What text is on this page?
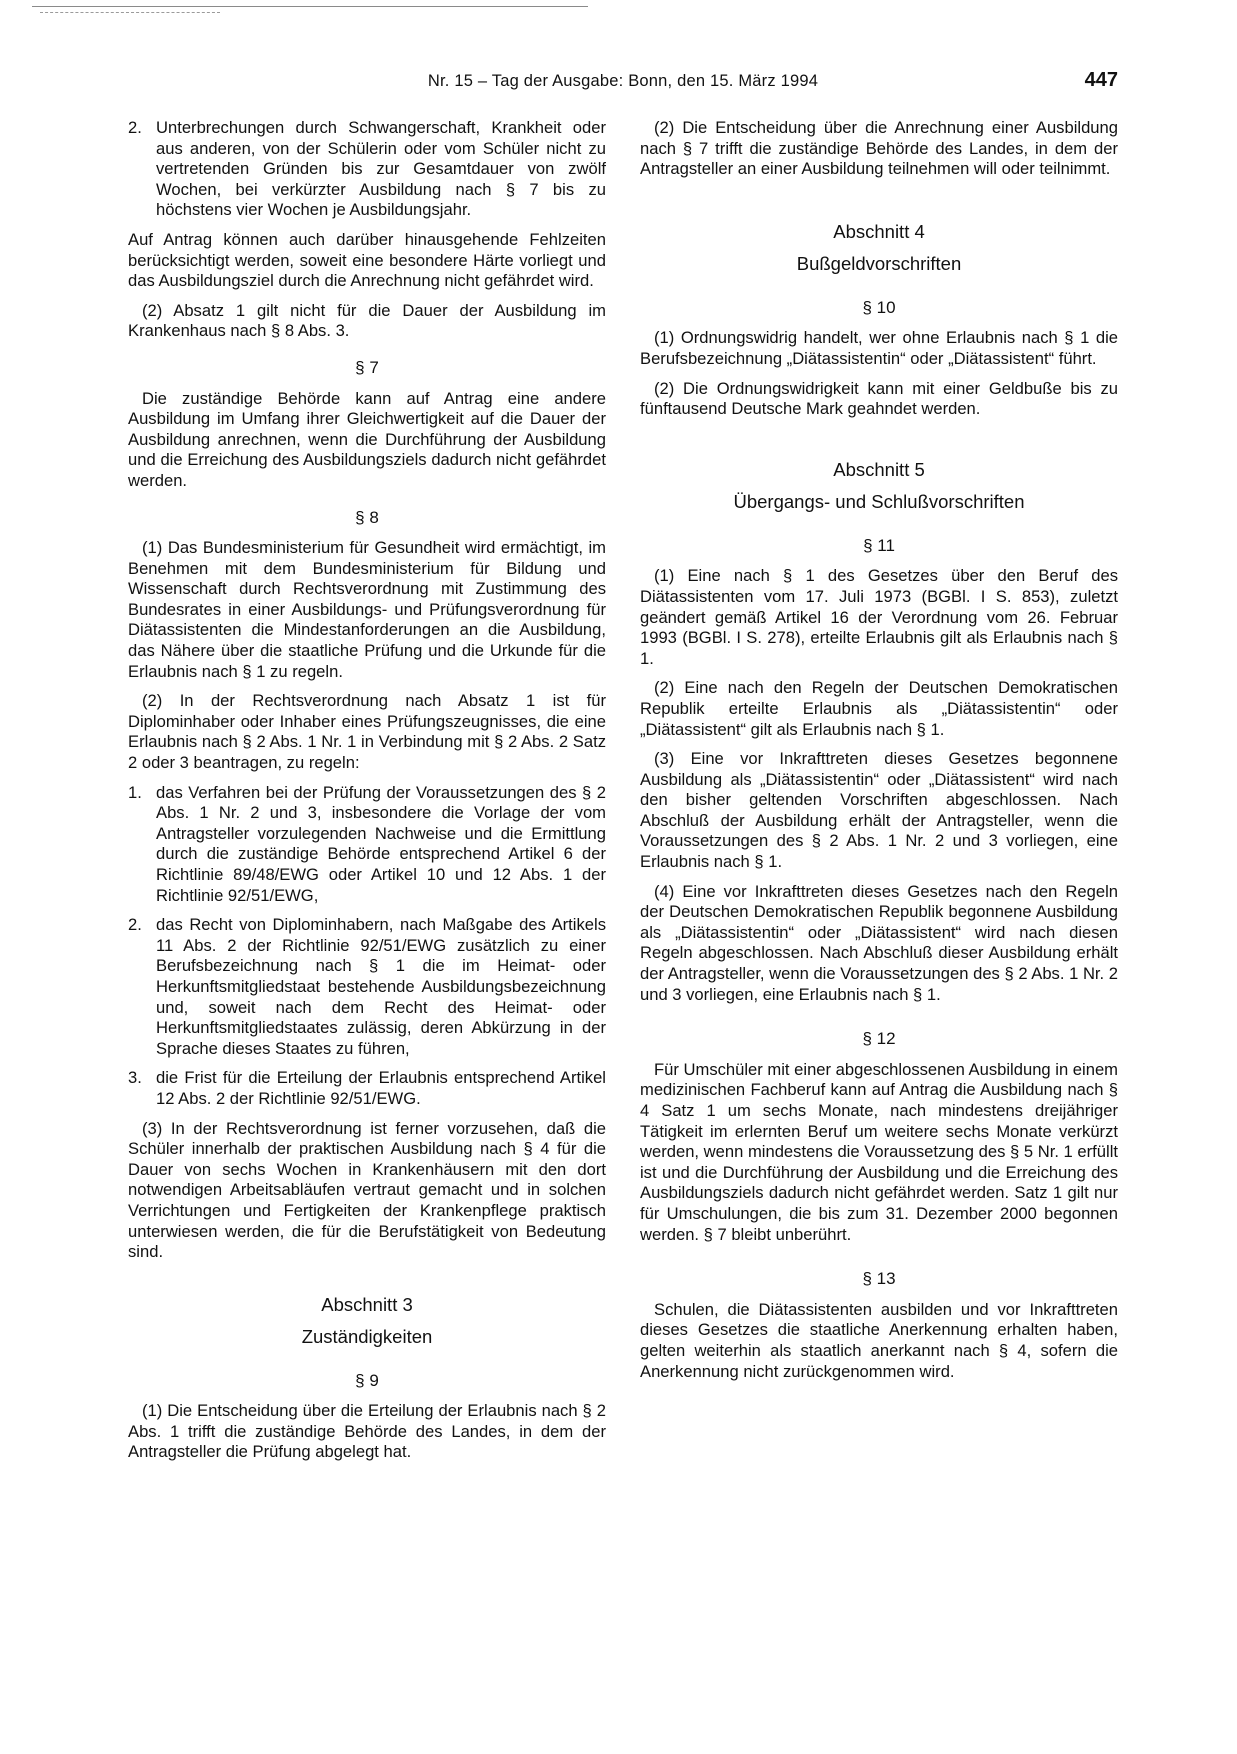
Nr. 15 – Tag der Ausgabe: Bonn, den 15. März 1994	447
2. Unterbrechungen durch Schwangerschaft, Krankheit oder aus anderen, von der Schülerin oder vom Schüler nicht zu vertretenden Gründen bis zur Gesamtdauer von zwölf Wochen, bei verkürzter Ausbildung nach § 7 bis zu höchstens vier Wochen je Ausbildungsjahr.

Auf Antrag können auch darüber hinausgehende Fehlzeiten berücksichtigt werden, soweit eine besondere Härte vorliegt und das Ausbildungsziel durch die Anrechnung nicht gefährdet wird.

(2) Absatz 1 gilt nicht für die Dauer der Ausbildung im Krankenhaus nach § 8 Abs. 3.

§ 7

Die zuständige Behörde kann auf Antrag eine andere Ausbildung im Umfang ihrer Gleichwertigkeit auf die Dauer der Ausbildung anrechnen, wenn die Durchführung der Ausbildung und die Erreichung des Ausbildungsziels dadurch nicht gefährdet werden.

§ 8

(1) Das Bundesministerium für Gesundheit wird ermächtigt, im Benehmen mit dem Bundesministerium für Bildung und Wissenschaft durch Rechtsverordnung mit Zustimmung des Bundesrates in einer Ausbildungs- und Prüfungsverordnung für Diätassistenten die Mindestanforderungen an die Ausbildung, das Nähere über die staatliche Prüfung und die Urkunde für die Erlaubnis nach § 1 zu regeln.

(2) In der Rechtsverordnung nach Absatz 1 ist für Diplominhaber oder Inhaber eines Prüfungszeugnisses, die eine Erlaubnis nach § 2 Abs. 1 Nr. 1 in Verbindung mit § 2 Abs. 2 Satz 2 oder 3 beantragen, zu regeln:

1. das Verfahren bei der Prüfung der Voraussetzungen des § 2 Abs. 1 Nr. 2 und 3, insbesondere die Vorlage der vom Antragsteller vorzulegenden Nachweise und die Ermittlung durch die zuständige Behörde entsprechend Artikel 6 der Richtlinie 89/48/EWG oder Artikel 10 und 12 Abs. 1 der Richtlinie 92/51/EWG,
2. das Recht von Diplominhabern, nach Maßgabe des Artikels 11 Abs. 2 der Richtlinie 92/51/EWG zusätzlich zu einer Berufsbezeichnung nach § 1 die im Heimat- oder Herkunftsmitgliedstaat bestehende Ausbildungsbezeichnung und, soweit nach dem Recht des Heimat- oder Herkunftsmitgliedstaates zulässig, deren Abkürzung in der Sprache dieses Staates zu führen,
3. die Frist für die Erteilung der Erlaubnis entsprechend Artikel 12 Abs. 2 der Richtlinie 92/51/EWG.

(3) In der Rechtsverordnung ist ferner vorzusehen, daß die Schüler innerhalb der praktischen Ausbildung nach § 4 für die Dauer von sechs Wochen in Krankenhäusern mit den dort notwendigen Arbeitsabläufen vertraut gemacht und in solchen Verrichtungen und Fertigkeiten der Krankenpflege praktisch unterwiesen werden, die für die Berufstätigkeit von Bedeutung sind.

Abschnitt 3
Zuständigkeiten
§ 9

(1) Die Entscheidung über die Erteilung der Erlaubnis nach § 2 Abs. 1 trifft die zuständige Behörde des Landes, in dem der Antragsteller die Prüfung abgelegt hat.

(2) Die Entscheidung über die Anrechnung einer Ausbildung nach § 7 trifft die zuständige Behörde des Landes, in dem der Antragsteller an einer Ausbildung teilnehmen will oder teilnimmt.

Abschnitt 4
Bußgeldvorschriften
§ 10

(1) Ordnungswidrig handelt, wer ohne Erlaubnis nach § 1 die Berufsbezeichnung „Diätassistentin“ oder „Diätassistent“ führt.

(2) Die Ordnungswidrigkeit kann mit einer Geldbuße bis zu fünftausend Deutsche Mark geahndet werden.

Abschnitt 5
Übergangs- und Schlußvorschriften
§ 11

(1) Eine nach § 1 des Gesetzes über den Beruf des Diätassistenten vom 17. Juli 1973 (BGBl. I S. 853), zuletzt geändert gemäß Artikel 16 der Verordnung vom 26. Februar 1993 (BGBl. I S. 278), erteilte Erlaubnis gilt als Erlaubnis nach § 1.

(2) Eine nach den Regeln der Deutschen Demokratischen Republik erteilte Erlaubnis als „Diätassistentin“ oder „Diätassistent“ gilt als Erlaubnis nach § 1.

(3) Eine vor Inkrafttreten dieses Gesetzes begonnene Ausbildung als „Diätassistentin“ oder „Diätassistent“ wird nach den bisher geltenden Vorschriften abgeschlossen. Nach Abschluß der Ausbildung erhält der Antragsteller, wenn die Voraussetzungen des § 2 Abs. 1 Nr. 2 und 3 vorliegen, eine Erlaubnis nach § 1.

(4) Eine vor Inkrafttreten dieses Gesetzes nach den Regeln der Deutschen Demokratischen Republik begonnene Ausbildung als „Diätassistentin“ oder „Diätassistent“ wird nach diesen Regeln abgeschlossen. Nach Abschluß dieser Ausbildung erhält der Antragsteller, wenn die Voraussetzungen des § 2 Abs. 1 Nr. 2 und 3 vorliegen, eine Erlaubnis nach § 1.

§ 12

Für Umschüler mit einer abgeschlossenen Ausbildung in einem medizinischen Fachberuf kann auf Antrag die Ausbildung nach § 4 Satz 1 um sechs Monate, nach mindestens dreijähriger Tätigkeit im erlernten Beruf um weitere sechs Monate verkürzt werden, wenn mindestens die Voraussetzung des § 5 Nr. 1 erfüllt ist und die Durchführung der Ausbildung und die Erreichung des Ausbildungsziels dadurch nicht gefährdet werden. Satz 1 gilt nur für Umschulungen, die bis zum 31. Dezember 2000 begonnen werden. § 7 bleibt unberührt.

§ 13

Schulen, die Diätassistenten ausbilden und vor Inkrafttreten dieses Gesetzes die staatliche Anerkennung erhalten haben, gelten weiterhin als staatlich anerkannt nach § 4, sofern die Anerkennung nicht zurückgenommen wird.
